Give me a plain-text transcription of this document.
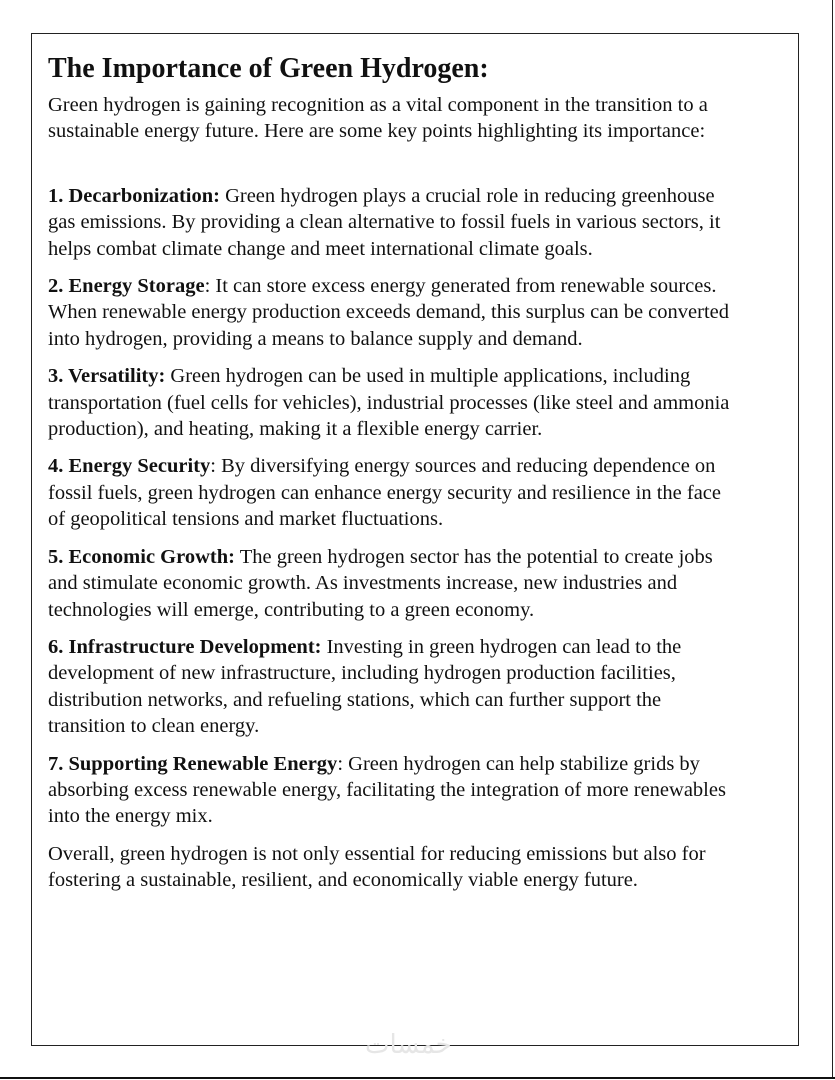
The Importance of Green Hydrogen:

Green hydrogen is gaining recognition as a vital component in the transition to a
sustainable energy future. Here are some key points highlighting its importance:

1. Decarbonization: Green hydrogen plays a crucial role in reducing greenhouse
gas emissions. By providing a clean alternative to fossil fuels in various sectors, it
helps combat climate change and meet international climate goals.

2. Energy Storage: It can store excess energy generated from renewable sources.
When renewable energy production exceeds demand, this surplus can be converted
into hydrogen, providing a means to balance supply and demand.

3. Versatility: Green hydrogen can be used in multiple applications, including
transportation (fuel cells for vehicles), industrial processes (like steel and ammonia
production), and heating, making it a flexible energy carrier.

4. Energy Security: By diversifying energy sources and reducing dependence on
fossil fuels, green hydrogen can enhance energy security and resilience in the face
of geopolitical tensions and market fluctuations.

5. Economic Growth: The green hydrogen sector has the potential to create jobs
and stimulate economic growth. As investments increase, new industries and
technologies will emerge, contributing to a green economy.

6. Infrastructure Development: Investing in green hydrogen can lead to the
development of new infrastructure, including hydrogen production facilities,
distribution networks, and refueling stations, which can further support the
transition to clean energy.

7. Supporting Renewable Energy: Green hydrogen can help stabilize grids by
absorbing excess renewable energy, facilitating the integration of more renewables
into the energy mix.

Overall, green hydrogen is not only essential for reducing emissions but also for
fostering a sustainable, resilient, and economically viable energy future.

خمسات
